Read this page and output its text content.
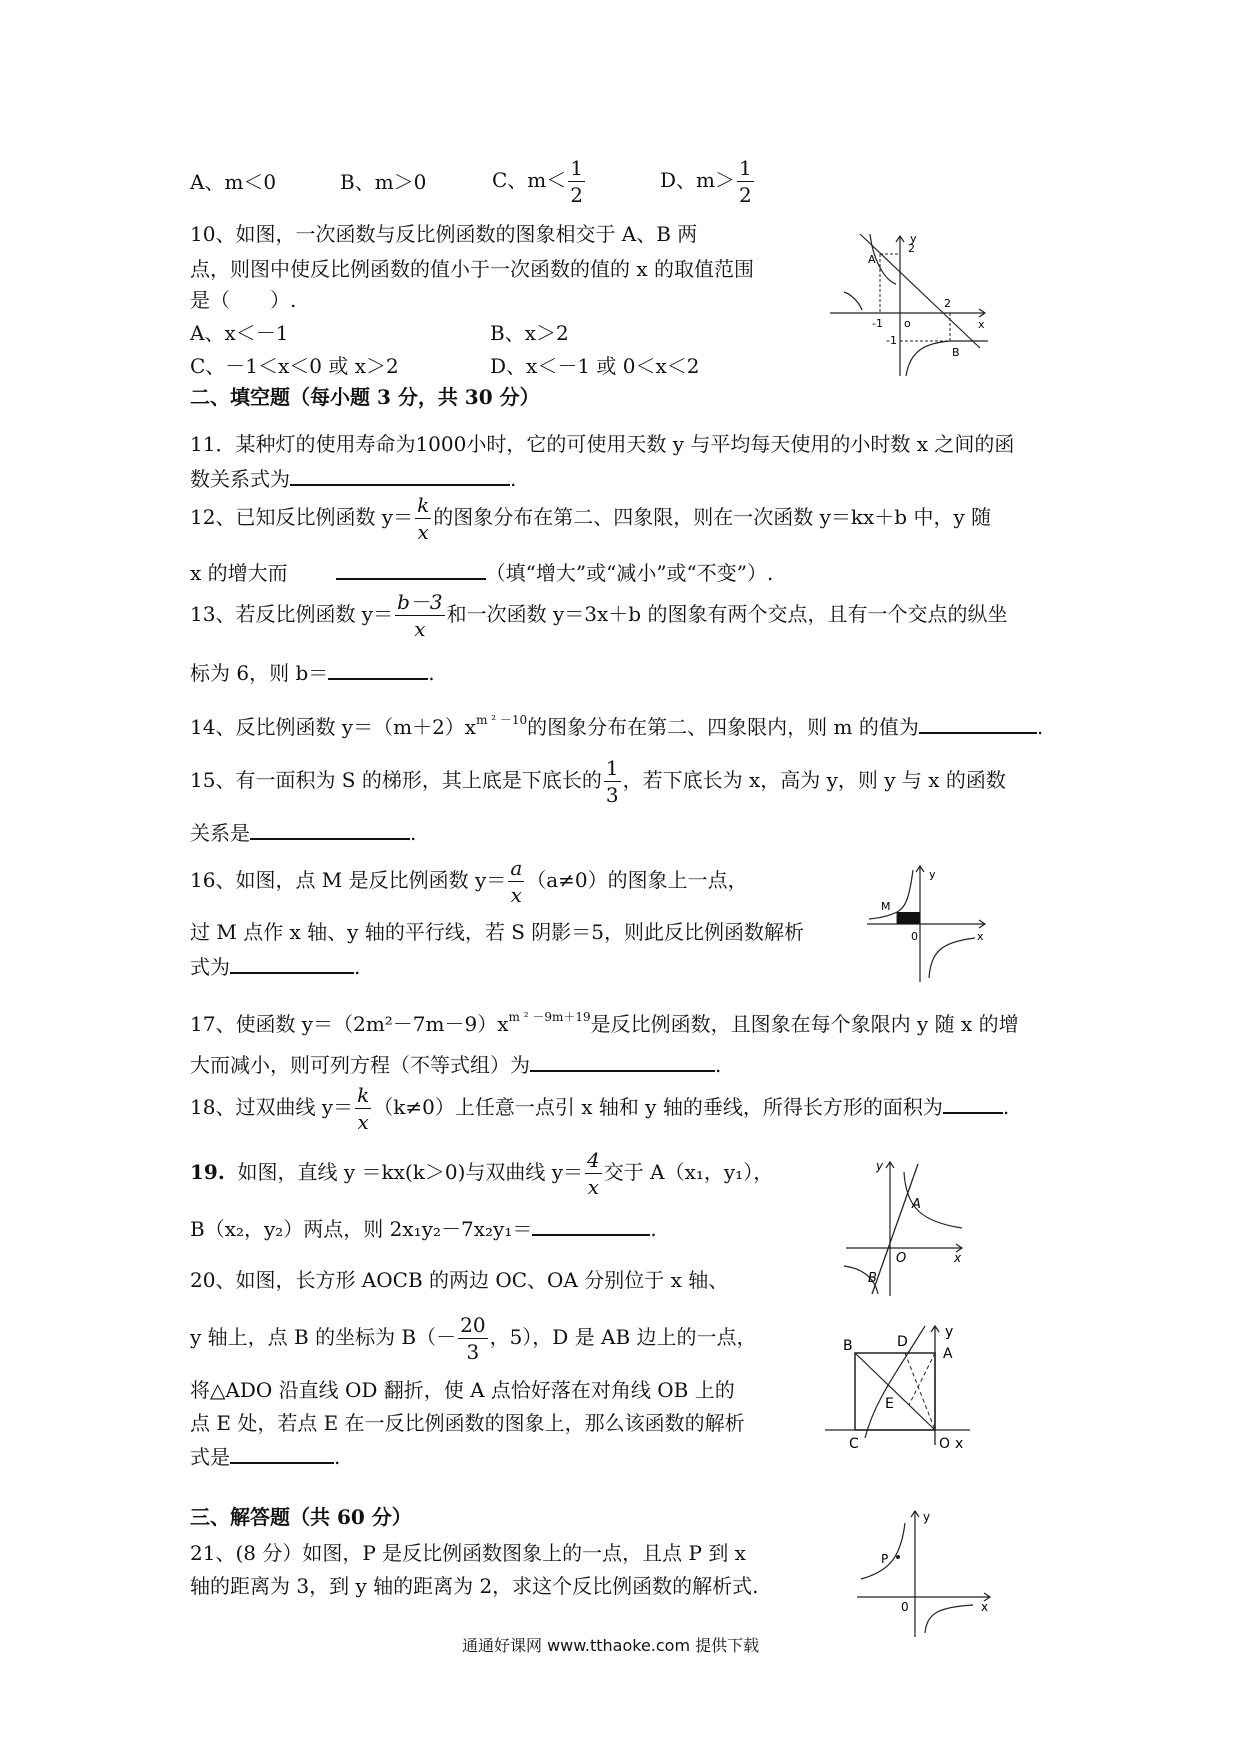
A、m＜0	B、m＞0	C、$m< \frac{1}{2}$	D、$m> \frac{1}{2}$
10、如图，一次函数与反比例函数的图象相交于 A、B 两
点，则图中使反比例函数的值小于一次函数的值的 x 的取值范围
是（　　）.
A、x＜－1	B、x＞2
C、－1＜x＜0 或 x＞2	D、x＜－1 或 0＜x＜2
A
2
y
2
x
-1 o
-1
B
二、填空题（每小题 3 分，共 30 分）
11．某种灯的使用寿命为1000小时，它的可使用天数 y 与平均每天使用的小时数 x 之间的函
数关系式为	.
12、已知反比例函数 $y= \frac{k}{x}$ 的图象分布在第二、四象限，则在一次函数 y＝kx＋b 中，y 随
x 的增大而	（填“增大”或“减小”或“不变”）.
13、若反比例函数 $y= \frac{b-3}{x}$ 和一次函数 y＝3x＋b 的图象有两个交点，且有一个交点的纵坐
标为 6，则 b＝	.
14、反比例函数 $y=(m+2)x^{m ^2 -10}$的图象分布在第二、四象限内，则 m 的值为	.
15、有一面积为 S 的梯形，其上底是下底长的 $\frac{1}{3}$ ，若下底长为 x，高为 y，则 y 与 x 的函数
关系是	.
16、如图，点 M 是反比例函数 $y= \frac{a}{x} (a\ne 0)$的图象上一点，
过 M 点作 x 轴、y 轴的平行线，若 S 阴影＝5，则此反比例函数解析
式为	.
M
y
0	x
17、使函数 $y=(2m^2-7m-9)x^{m ^2 -9m+19}$是反比例函数，且图象在每个象限内 y 随 x 的增
大而减小，则可列方程（不等式组）为	.
18、过双曲线 $y= \frac{k}{x} (k\ne 0)$上任意一点引 x 轴和 y 轴的垂线，所得长方形的面积为	.
19. 如图，直线 y ＝kx(k＞0)与双曲线 $y= \frac{4}{x}$ 交于 A（x₁，y₁），
B（x₂，y₂）两点，则 2x₁y₂－7x₂y₁＝	.
A
B
O	x
y
20、如图，长方形 AOCB 的两边 OC、OA 分别位于 x 轴、
y 轴上，点 B 的坐标为 $B(- \frac{20}{3}$ ，5），D 是 AB 边上的一点，
将△ADO 沿直线 OD 翻折，使 A 点恰好落在对角线 OB 上的
点 E 处，若点 E 在一反比例函数的图象上，那么该函数的解析
式是	.
B	D
A
E
C	O x
y
三、解答题（共 60 分）
21、(8 分）如图，P 是反比例函数图象上的一点，且点 P 到 x
轴的距离为 3，到 y 轴的距离为 2，求这个反比例函数的解析式.
P
y
0	x
通通好课网 www.tthaoke.com 提供下载
